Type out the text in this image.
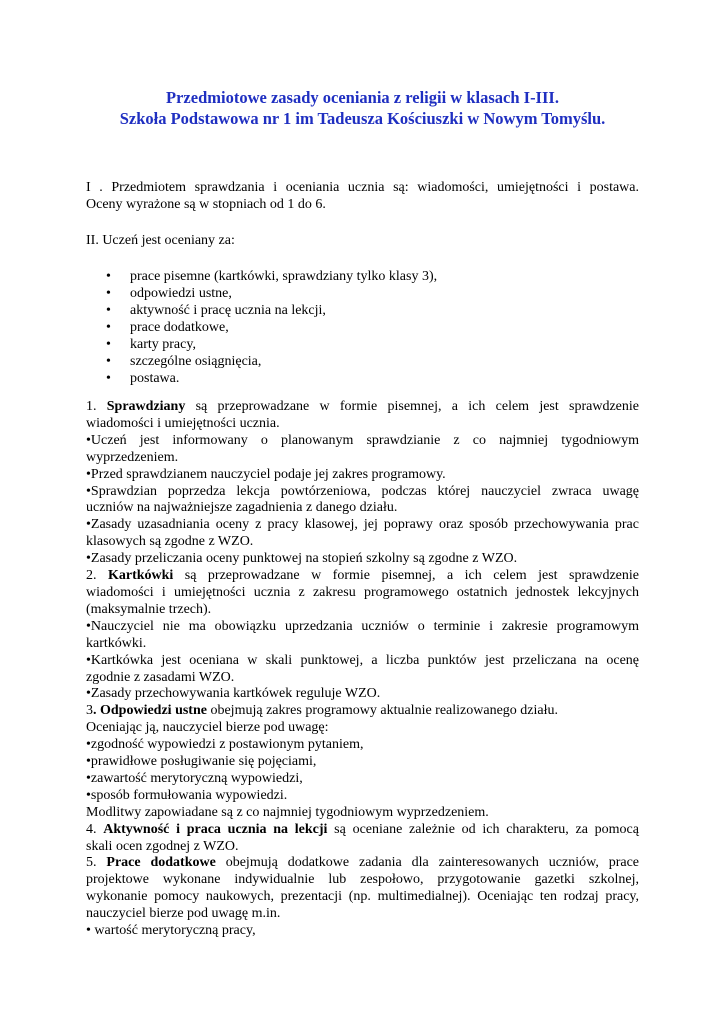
Przedmiotowe zasady oceniania z religii w klasach I-III.
Szkoła Podstawowa nr 1 im Tadeusza Kościuszki w Nowym Tomyślu.
I . Przedmiotem sprawdzania i oceniania ucznia są: wiadomości, umiejętności i postawa.
Oceny wyrażone są w stopniach od 1 do 6.
II. Uczeń jest oceniany za:
• prace pisemne (kartkówki, sprawdziany tylko klasy 3),
• odpowiedzi ustne,
• aktywność i pracę ucznia na lekcji,
• prace dodatkowe,
• karty pracy,
• szczególne osiągnięcia,
• postawa.
1. Sprawdziany są przeprowadzane w formie pisemnej, a ich celem jest sprawdzenie
wiadomości i umiejętności ucznia.
•Uczeń jest informowany o planowanym sprawdzianie z co najmniej tygodniowym
wyprzedzeniem.
•Przed sprawdzianem nauczyciel podaje jej zakres programowy.
•Sprawdzian poprzedza lekcja powtórzeniowa, podczas której nauczyciel zwraca uwagę
uczniów na najważniejsze zagadnienia z danego działu.
•Zasady uzasadniania oceny z pracy klasowej, jej poprawy oraz sposób przechowywania prac
klasowych są zgodne z WZO.
•Zasady przeliczania oceny punktowej na stopień szkolny są zgodne z WZO.
2. Kartkówki są przeprowadzane w formie pisemnej, a ich celem jest sprawdzenie
wiadomości i umiejętności ucznia z zakresu programowego ostatnich jednostek lekcyjnych
(maksymalnie trzech).
•Nauczyciel nie ma obowiązku uprzedzania uczniów o terminie i zakresie programowym
kartkówki.
•Kartkówka jest oceniana w skali punktowej, a liczba punktów jest przeliczana na ocenę
zgodnie z zasadami WZO.
•Zasady przechowywania kartkówek reguluje WZO.
3. Odpowiedzi ustne obejmują zakres programowy aktualnie realizowanego działu.
Oceniając ją, nauczyciel bierze pod uwagę:
•zgodność wypowiedzi z postawionym pytaniem,
•prawidłowe posługiwanie się pojęciami,
•zawartość merytoryczną wypowiedzi,
•sposób formułowania wypowiedzi.
Modlitwy zapowiadane są z co najmniej tygodniowym wyprzedzeniem.
4. Aktywność i praca ucznia na lekcji są oceniane zależnie od ich charakteru, za pomocą
skali ocen zgodnej z WZO.
5. Prace dodatkowe obejmują dodatkowe zadania dla zainteresowanych uczniów, prace
projektowe wykonane indywidualnie lub zespołowo, przygotowanie gazetki szkolnej,
wykonanie pomocy naukowych, prezentacji (np. multimedialnej). Oceniając ten rodzaj pracy,
nauczyciel bierze pod uwagę m.in.
• wartość merytoryczną pracy,
